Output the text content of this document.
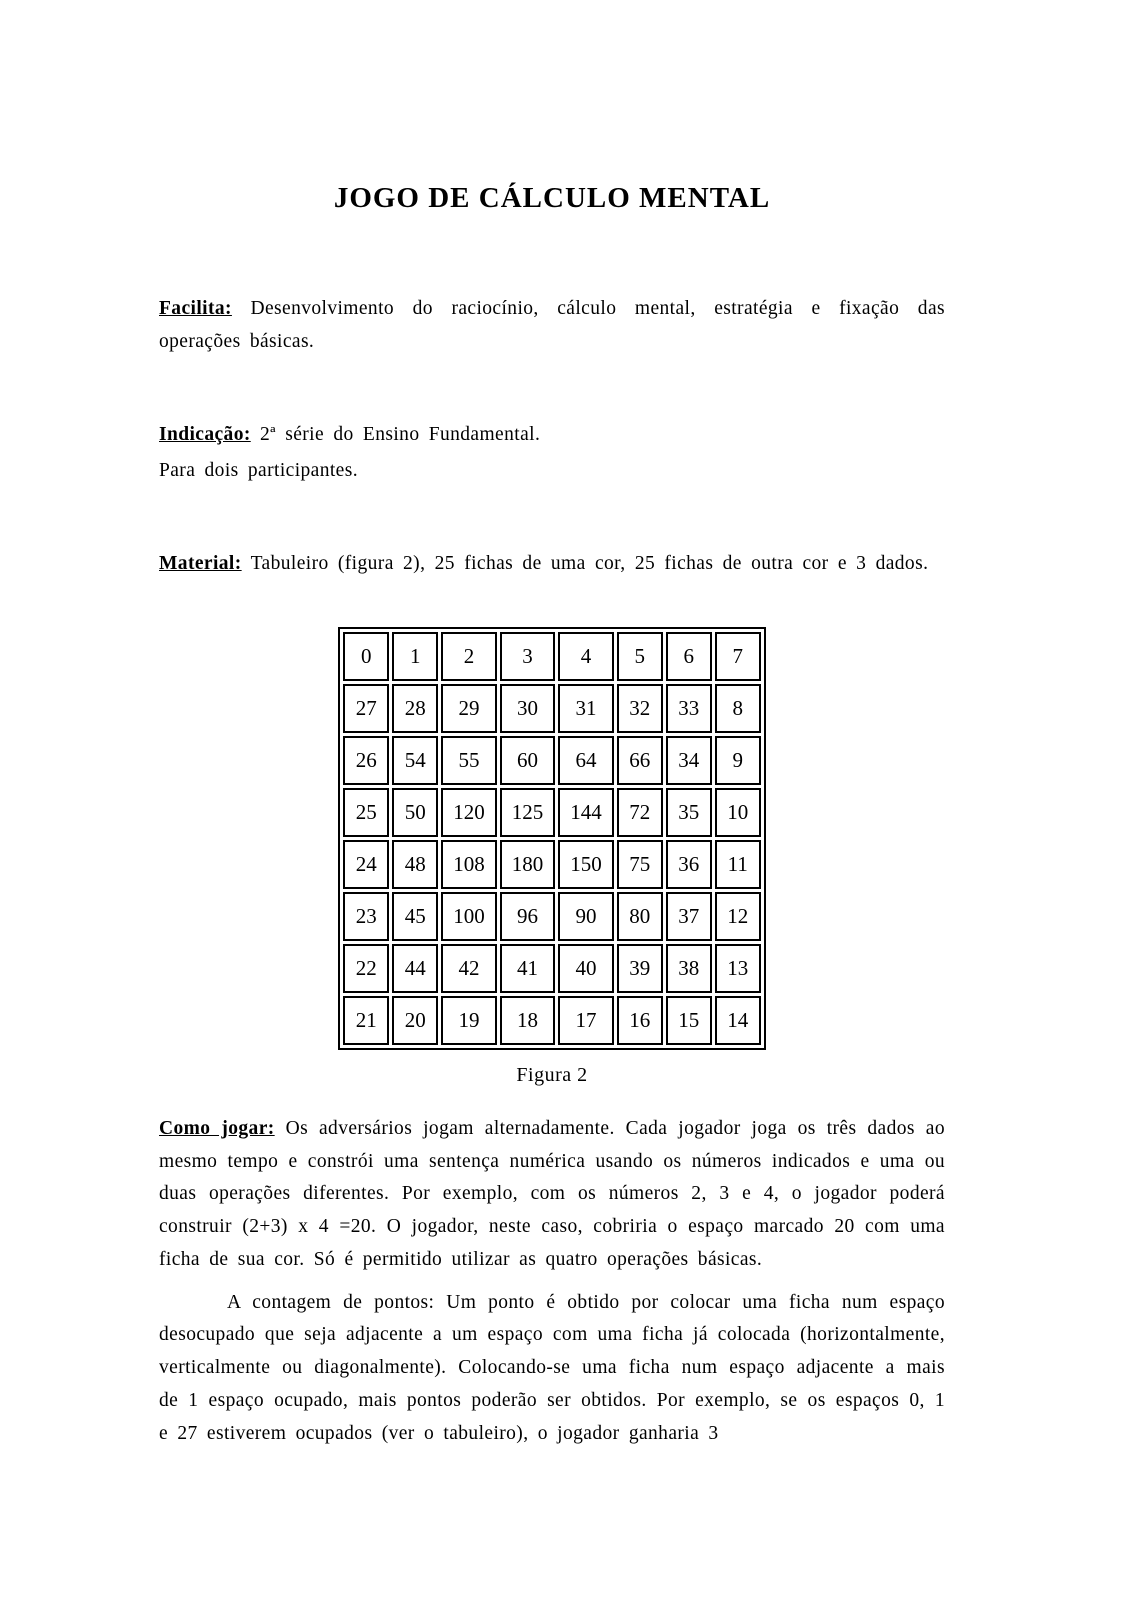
JOGO DE CÁLCULO MENTAL

Facilita: Desenvolvimento do raciocínio, cálculo mental, estratégia e fixação das operações básicas.

Indicação: 2ª série do Ensino Fundamental.

Para dois participantes.

Material: Tabuleiro (figura 2), 25 fichas de uma cor, 25 fichas de outra cor e 3 dados.

0	1	2	3	4	5	6	7
27	28	29	30	31	32	33	8
26	54	55	60	64	66	34	9
25	50	120	125	144	72	35	10
24	48	108	180	150	75	36	11
23	45	100	96	90	80	37	12
22	44	42	41	40	39	38	13
21	20	19	18	17	16	15	14
Figura 2

Como jogar: Os adversários jogam alternadamente. Cada jogador joga os três dados ao mesmo tempo e constrói uma sentença numérica usando os números indicados e uma ou duas operações diferentes. Por exemplo, com os números 2, 3 e 4, o jogador poderá construir (2+3) x 4 =20. O jogador, neste caso, cobriria o espaço marcado 20 com uma ficha de sua cor. Só é permitido utilizar as quatro operações básicas.

A contagem de pontos: Um ponto é obtido por colocar uma ficha num espaço desocupado que seja adjacente a um espaço com uma ficha já colocada (horizontalmente, verticalmente ou diagonalmente). Colocando-se uma ficha num espaço adjacente a mais de 1 espaço ocupado, mais pontos poderão ser obtidos. Por exemplo, se os espaços 0, 1 e 27 estiverem ocupados (ver o tabuleiro), o jogador ganharia 3
